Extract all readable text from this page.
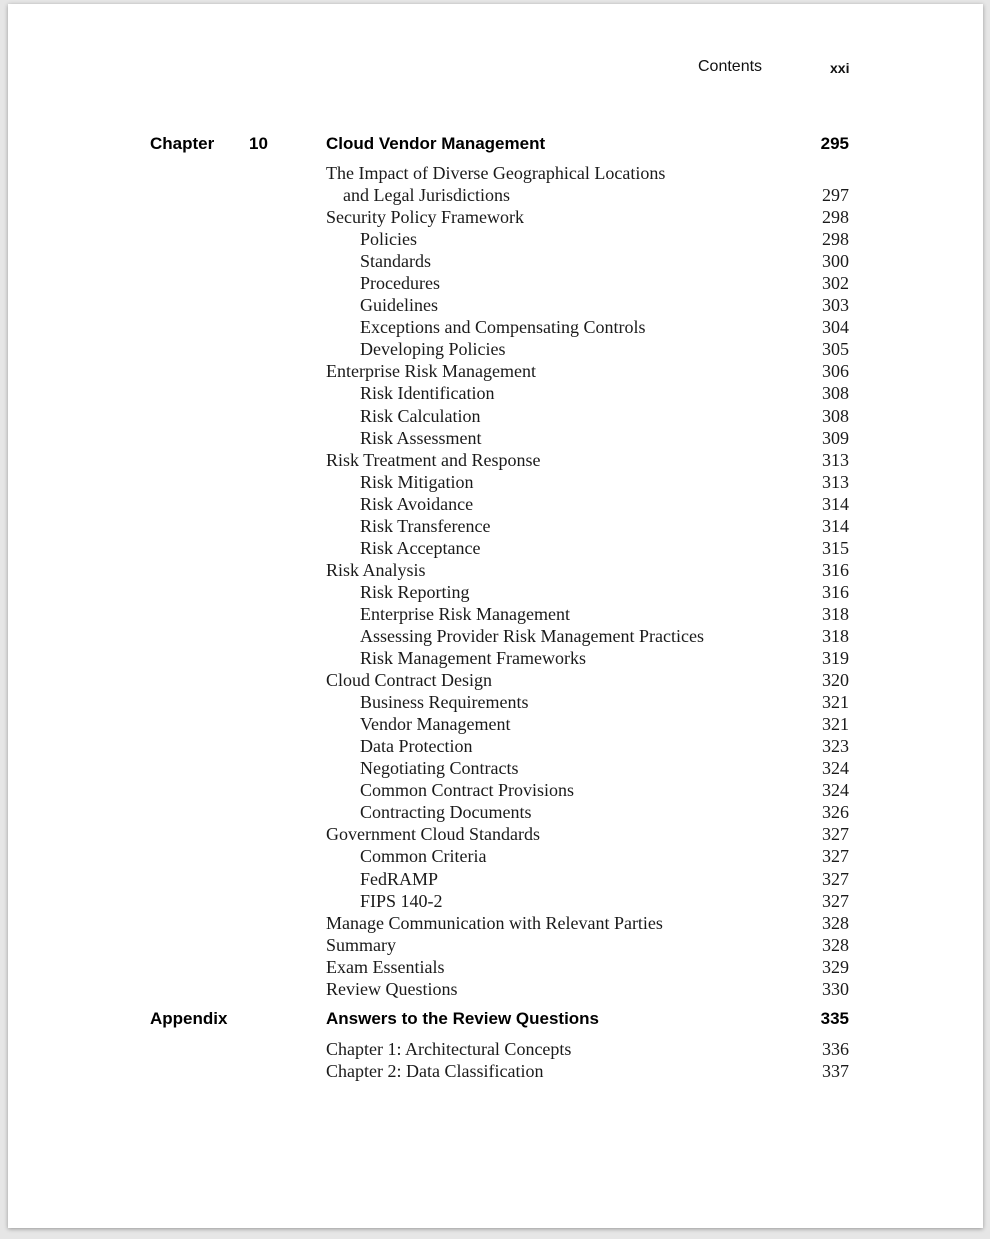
Contents	xxi
Chapter 10	Cloud Vendor Management	295
The Impact of Diverse Geographical Locations
and Legal Jurisdictions	297
Security Policy Framework	298
Policies	298
Standards	300
Procedures	302
Guidelines	303
Exceptions and Compensating Controls	304
Developing Policies	305
Enterprise Risk Management	306
Risk Identification	308
Risk Calculation	308
Risk Assessment	309
Risk Treatment and Response	313
Risk Mitigation	313
Risk Avoidance	314
Risk Transference	314
Risk Acceptance	315
Risk Analysis	316
Risk Reporting	316
Enterprise Risk Management	318
Assessing Provider Risk Management Practices	318
Risk Management Frameworks	319
Cloud Contract Design	320
Business Requirements	321
Vendor Management	321
Data Protection	323
Negotiating Contracts	324
Common Contract Provisions	324
Contracting Documents	326
Government Cloud Standards	327
Common Criteria	327
FedRAMP	327
FIPS 140-2	327
Manage Communication with Relevant Parties	328
Summary	328
Exam Essentials	329
Review Questions	330
Appendix	Answers to the Review Questions	335
Chapter 1: Architectural Concepts	336
Chapter 2: Data Classification	337
